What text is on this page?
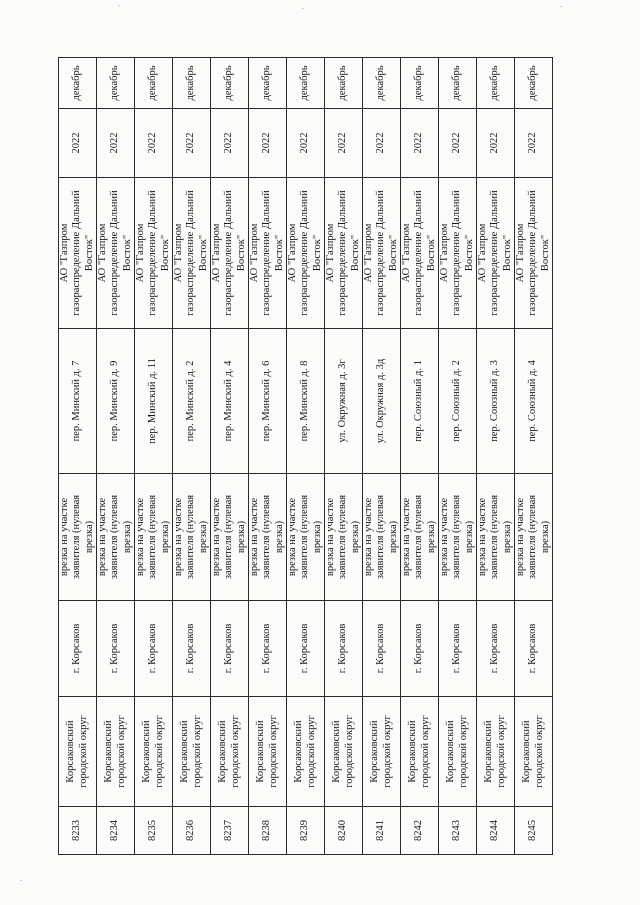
8233	Корсаковский городской округ	г. Корсаков	врезка на участке заявителя (нулевая врезка)	пер. Минский д. 7	АО "Газпром газораспределение Дальний Восток"	2022	декабрь
8234	Корсаковский городской округ	г. Корсаков	врезка на участке заявителя (нулевая врезка)	пер. Минский д. 9	АО "Газпром газораспределение Дальний Восток"	2022	декабрь
8235	Корсаковский городской округ	г. Корсаков	врезка на участке заявителя (нулевая врезка)	пер. Минский д. 11	АО "Газпром газораспределение Дальний Восток"	2022	декабрь
8236	Корсаковский городской округ	г. Корсаков	врезка на участке заявителя (нулевая врезка)	пер. Минский д. 2	АО "Газпром газораспределение Дальний Восток"	2022	декабрь
8237	Корсаковский городской округ	г. Корсаков	врезка на участке заявителя (нулевая врезка)	пер. Минский д. 4	АО "Газпром газораспределение Дальний Восток"	2022	декабрь
8238	Корсаковский городской округ	г. Корсаков	врезка на участке заявителя (нулевая врезка)	пер. Минский д. 6	АО "Газпром газораспределение Дальний Восток"	2022	декабрь
8239	Корсаковский городской округ	г. Корсаков	врезка на участке заявителя (нулевая врезка)	пер. Минский д. 8	АО "Газпром газораспределение Дальний Восток"	2022	декабрь
8240	Корсаковский городской округ	г. Корсаков	врезка на участке заявителя (нулевая врезка)	ул. Окружная д. 3г	АО "Газпром газораспределение Дальний Восток"	2022	декабрь
8241	Корсаковский городской округ	г. Корсаков	врезка на участке заявителя (нулевая врезка)	ул. Окружная д. 3д	АО "Газпром газораспределение Дальний Восток"	2022	декабрь
8242	Корсаковский городской округ	г. Корсаков	врезка на участке заявителя (нулевая врезка)	пер. Союзный д. 1	АО "Газпром газораспределение Дальний Восток"	2022	декабрь
8243	Корсаковский городской округ	г. Корсаков	врезка на участке заявителя (нулевая врезка)	пер. Союзный д. 2	АО "Газпром газораспределение Дальний Восток"	2022	декабрь
8244	Корсаковский городской округ	г. Корсаков	врезка на участке заявителя (нулевая врезка)	пер. Союзный д. 3	АО "Газпром газораспределение Дальний Восток"	2022	декабрь
8245	Корсаковский городской округ	г. Корсаков	врезка на участке заявителя (нулевая врезка)	пер. Союзный д. 4	АО "Газпром газораспределение Дальний Восток"	2022	декабрь
